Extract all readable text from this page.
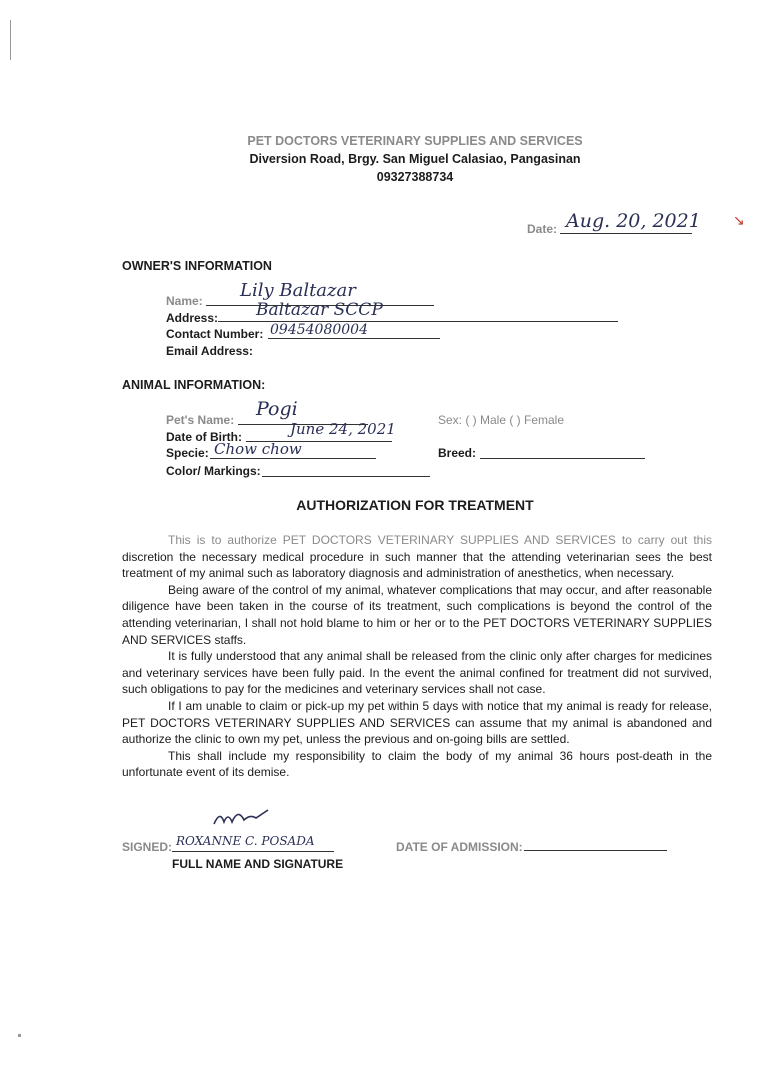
PET DOCTORS VETERINARY SUPPLIES AND SERVICES
Diversion Road, Brgy. San Miguel Calasiao, Pangasinan
09327388734
Date: Aug. 20, 2021 ↘
OWNER'S INFORMATION
Name: Lily Baltazar
Address: Baltazar SCCP
Contact Number: 09454080004
Email Address:
ANIMAL INFORMATION:
Pet's Name: Pogi	Sex: ( ) Male ( ) Female
Date of Birth:	June 24, 2021
Specie: Chow chow	Breed:
Color/ Markings:
AUTHORIZATION FOR TREATMENT

This is to authorize PET DOCTORS VETERINARY SUPPLIES AND SERVICES to carry out this discretion the necessary medical procedure in such manner that the attending veterinarian sees the best treatment of my animal such as laboratory diagnosis and administration of anesthetics, when necessary.

Being aware of the control of my animal, whatever complications that may occur, and after reasonable diligence have been taken in the course of its treatment, such complications is beyond the control of the attending veterinarian, I shall not hold blame to him or her or to the PET DOCTORS VETERINARY SUPPLIES AND SERVICES staffs.

It is fully understood that any animal shall be released from the clinic only after charges for medicines and veterinary services have been fully paid. In the event the animal confined for treatment did not survived, such obligations to pay for the medicines and veterinary services shall not case.

If I am unable to claim or pick-up my pet within 5 days with notice that my animal is ready for release, PET DOCTORS VETERINARY SUPPLIES AND SERVICES can assume that my animal is abandoned and authorize the clinic to own my pet, unless the previous and on-going bills are settled.

This shall include my responsibility to claim the body of my animal 36 hours post-death in the unfortunate event of its demise.

SIGNED: ROXANNE C. POSADA
FULL NAME AND SIGNATURE
DATE OF ADMISSION:
